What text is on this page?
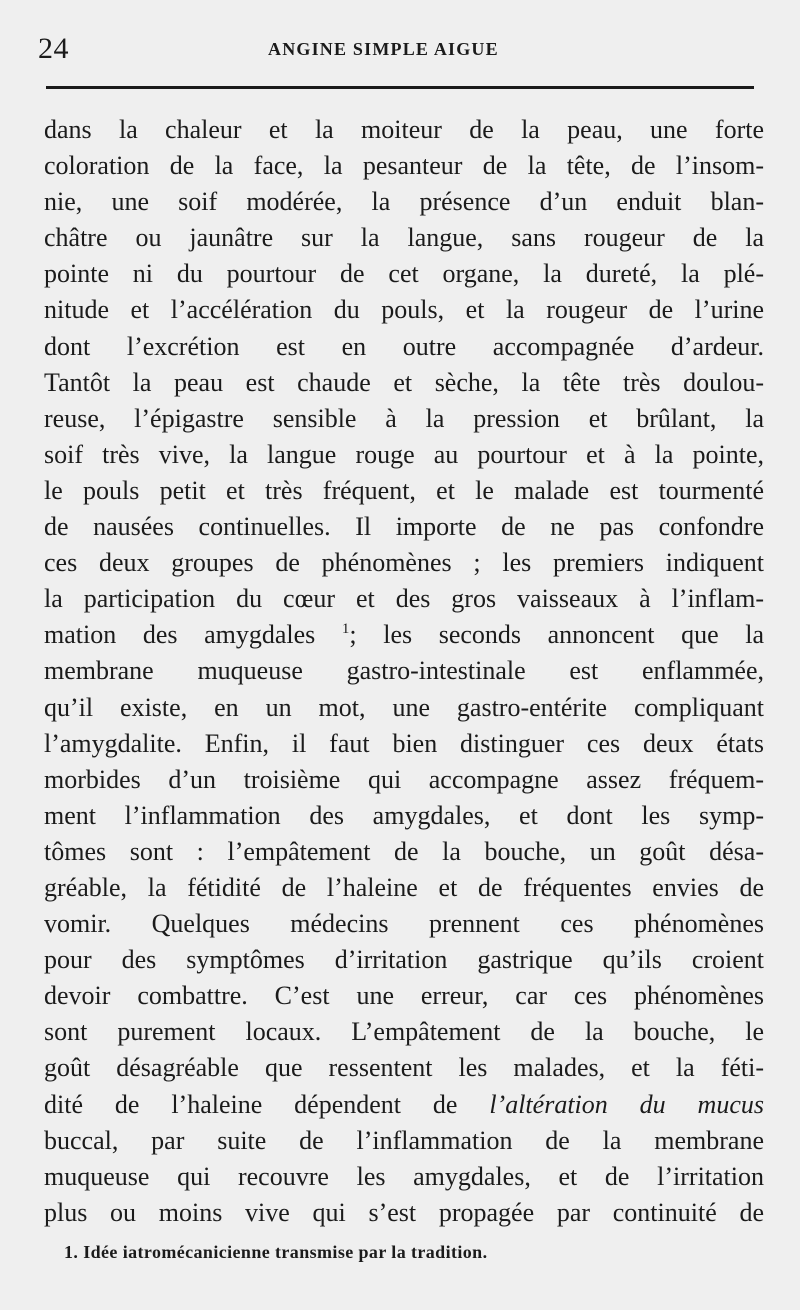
24	ANGINE SIMPLE AIGUE
dans la chaleur et la moiteur de la peau, une forte
coloration de la face, la pesanteur de la tête, de l’insom-
nie, une soif modérée, la présence d’un enduit blan-
châtre ou jaunâtre sur la langue, sans rougeur de la
pointe ni du pourtour de cet organe, la dureté, la plé-
nitude et l’accélération du pouls, et la rougeur de l’urine
dont l’excrétion est en outre accompagnée d’ardeur.
Tantôt la peau est chaude et sèche, la tête très doulou-
reuse, l’épigastre sensible à la pression et brûlant, la
soif très vive, la langue rouge au pourtour et à la pointe,
le pouls petit et très fréquent, et le malade est tourmenté
de nausées continuelles. Il importe de ne pas confondre
ces deux groupes de phénomènes ; les premiers indiquent
la participation du cœur et des gros vaisseaux à l’inflam-
mation des amygdales $^1$; les seconds annoncent que la
membrane muqueuse gastro-intestinale est enflammée,
qu’il existe, en un mot, une gastro-entérite compliquant
l’amygdalite. Enfin, il faut bien distinguer ces deux états
morbides d’un troisième qui accompagne assez fréquem-
ment l’inflammation des amygdales, et dont les symp-
tômes sont : l’empâtement de la bouche, un goût désa-
gréable, la fétidité de l’haleine et de fréquentes envies de
vomir. Quelques médecins prennent ces phénomènes
pour des symptômes d’irritation gastrique qu’ils croient
devoir combattre. C’est une erreur, car ces phénomènes
sont purement locaux. L’empâtement de la bouche, le
goût désagréable que ressentent les malades, et la féti-
dité de l’haleine dépendent de l’altération du mucus
buccal, par suite de l’inflammation de la membrane
muqueuse qui recouvre les amygdales, et de l’irritation
plus ou moins vive qui s’est propagée par continuité de
1. Idée iatromécanicienne transmise par la tradition.
